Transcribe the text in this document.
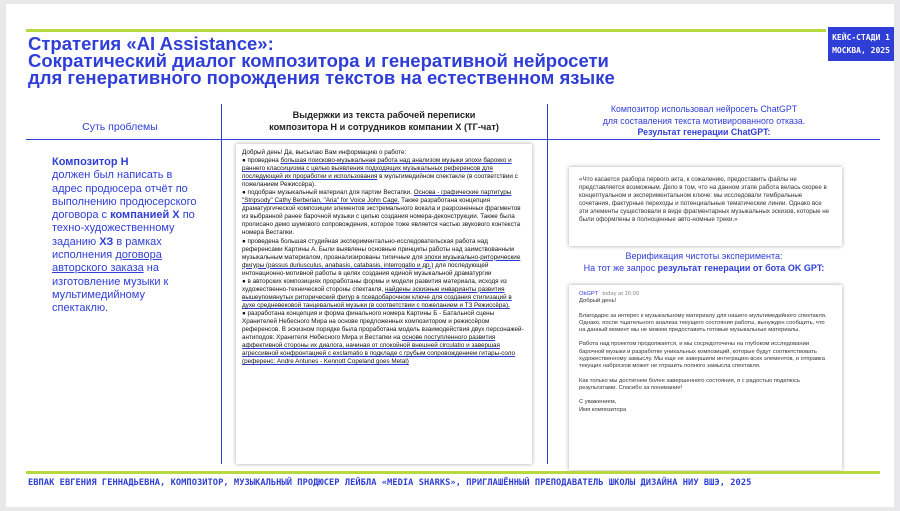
КЕЙС-СТАДИ 1
МОСКВА, 2025
Стратегия «AI Assistance»:
Сократический диалог композитора и генеративной нейросети
для генеративного порождения текстов на естественном языке
Суть проблемы
Выдержки из текста рабочей переписки
композитора Н и сотрудников компании Х (ТГ-чат)
Композитор использовал нейросеть ChatGPT
для составления текста мотивированного отказа.
Результат генерации ChatGPT:
Композитор Н
должен был написать в адрес продюсера отчёт по выполнению продюсерского договора с компанией Х по техно-художественному заданию ХЗ в рамках исполнения договора авторского заказа на изготовление музыки к мультимедийному спектаклю.

Добрый день! Да, высылаю Вам информацию о работе:

● проведена большая поисково-музыкальная работа над анализом музыки эпохи барокко и раннего классицизма с целью выявления подходящих музыкальных референсов для последующей их проработки и использования в мультимедийном спектакле (в соответствии с пожеланием Режиссёра).

● подобран музыкальный материал для партии Вестапки. Основа - графические партитуры "Stripsody" Cathy Berberian, "Aria" for Voice John Cage. Также разработана концепция драматургической композиции элементов экстремального вокала и разрозненных фрагментов из выбранной ранее барочной музыки с целью создания номера-деконструкции. Также была прописано демо шумового сопровождения, которое тоже является частью звукового контекста номера Вестапки.

● проведена большая студийная экспериментально-исследовательская работа над референсами Картины А. Были выявлены основные принципы работы над заимствованным музыкальным материалом, проанализированы типичные для эпохи музыкально-риторические фигуры (passus duriusculus, anabasis, catabasis, interrogatio и др.) для последующей интонационно-мотивной работы в целях создания единой музыкальной драматургии

● в авторских композициях проработаны формы и модели развития материала, исходя из художественно-технической стороны спектакля, найдены эскизные инварианты развития вышеупомянутых риторический фигур в псевдобарочном ключе для создания стилизаций в духе средневековой танцевальной музыки (в соответствии с пожеланием и ТЗ Режиссёра).

● разработана концепция и форма финального номера Картины Б - Батальной сцены Хранителей Небесного Мира на основе предложенных композитором и режиссёром референсов. В эскизном порядке была проработана модель взаимодействия двух персонажей-антиподов: Хранителя Небесного Мира и Вестапки на основе поступленного развития аффективной стороны их диалога, начиная от спокойной внешней circulatio и завершая агрессивной конфронтацией с exclamatio в подкладе с грубым сопровождением гитары-соло (референс: Andre Antunes - Kennott Copeland goes Metal)

«Что касается разбора первого акта, к сожалению, предоставить файлы не представляется возможным. Дело в том, что на данном этапе работа велась скорее в концептуальном и экспериментальном ключе: мы исследовали тембральные сочетания, фактурные переходы и потенциальные тематические линии. Однако все эти элементы существовали в виде фрагментарных музыкальных эскизов, которые не были оформлены в полноценные авто-номные треки.»
Верификация чистоты эксперимента:
На тот же запрос результат генерации от бота OK GPT:
OkGPT today at 16:09

Добрый день!

Благодарю за интерес к музыкальному материалу для нашего мультимедийного спектакля. Однако, после тщательного анализа текущего состояния работы, вынужден сообщить, что на данный момент мы не можем предоставить готовые музыкальные материалы.

Работа над проектом продолжается, и мы сосредоточены на глубоком исследовании барочной музыки и разработке уникальных композиций, которые будут соответствовать художественному замыслу. Мы еще не завершили интеграцию всех элементов, и отправка текущих набросков может не отразить полного замысла спектакля.

Как только мы достигнем более завершенного состояния, я с радостью поделюсь результатами. Спасибо за понимание!

С уважением,
Имя композитора
ЕВПАК ЕВГЕНИЯ ГЕННАДЬЕВНА, КОМПОЗИТОР, МУЗЫКАЛЬНЫЙ ПРОДЮСЕР ЛЕЙБЛА «MEDIA SHARKS», ПРИГЛАШЁННЫЙ ПРЕПОДАВАТЕЛЬ ШКОЛЫ ДИЗАЙНА НИУ ВШЭ, 2025
